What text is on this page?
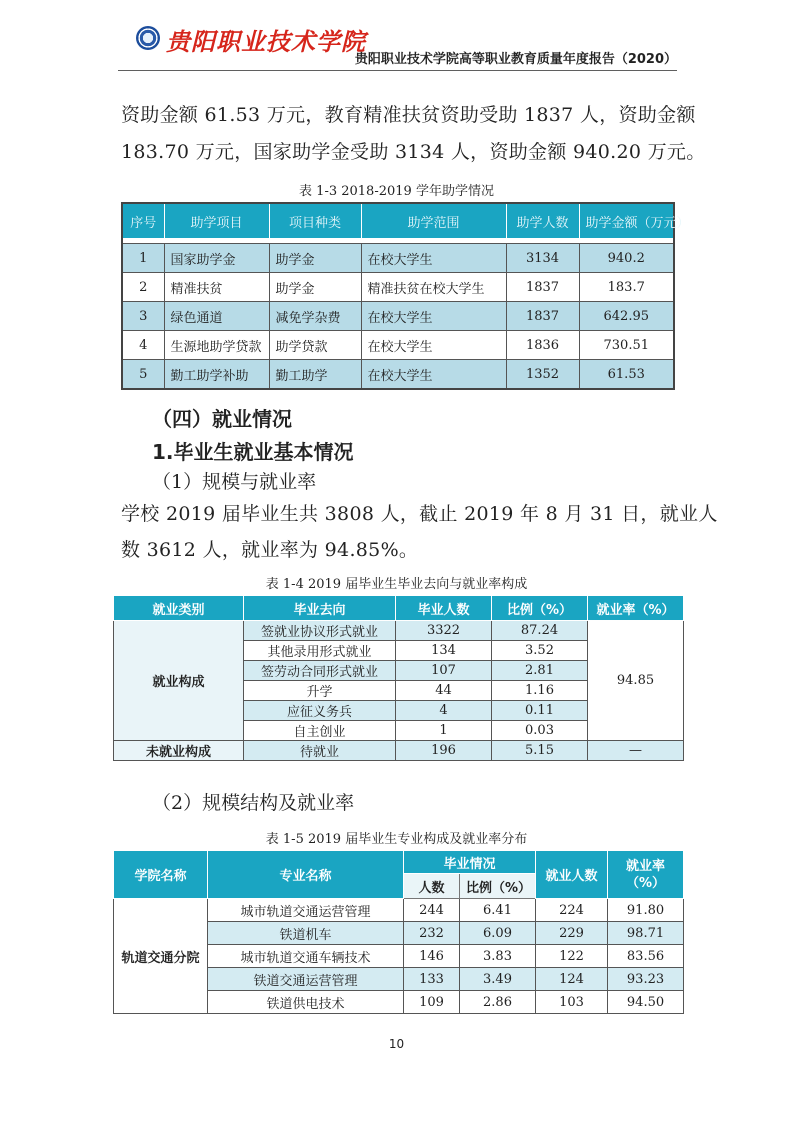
贵阳职业技术学院
贵阳职业技术学院高等职业教育质量年度报告（2020）
资助金额 61.53 万元，教育精准扶贫资助受助 1837 人，资助金额
183.70 万元，国家助学金受助 3134 人，资助金额 940.20 万元。
表 1-3 2018-2019 学年助学情况
序号	助学项目	项目种类	助学范围	助学人数	助学金额（万元）

1	国家助学金	助学金	在校大学生	3134	940.2
2	精准扶贫	助学金	精准扶贫在校大学生	1837	183.7
3	绿色通道	减免学杂费	在校大学生	1837	642.95
4	生源地助学贷款	助学贷款	在校大学生	1836	730.51
5	勤工助学补助	勤工助学	在校大学生	1352	61.53
（四）就业情况
1.毕业生就业基本情况
（1）规模与就业率
学校 2019 届毕业生共 3808 人，截止 2019 年 8 月 31 日，就业人
数 3612 人，就业率为 94.85%。
表 1-4 2019 届毕业生毕业去向与就业率构成
就业类别	毕业去向	毕业人数	比例（%）	就业率（%）
就业构成	签就业协议形式就业	3322	87.24	94.85
	其他录用形式就业	134	3.52	
	签劳动合同形式就业	107	2.81	
	升学	44	1.16	
	应征义务兵	4	0.11	
	自主创业	1	0.03	
未就业构成	待就业	196	5.15	—
（2）规模结构及就业率
表 1-5 2019 届毕业生专业构成及就业率分布
学院名称	专业名称	毕业情况		就业人数	就业率（%）
		人数	比例（%）		
轨道交通分院	城市轨道交通运营管理	244	6.41	224	91.80
	铁道机车	232	6.09	229	98.71
	城市轨道交通车辆技术	146	3.83	122	83.56
	铁道交通运营管理	133	3.49	124	93.23
	铁道供电技术	109	2.86	103	94.50
10
